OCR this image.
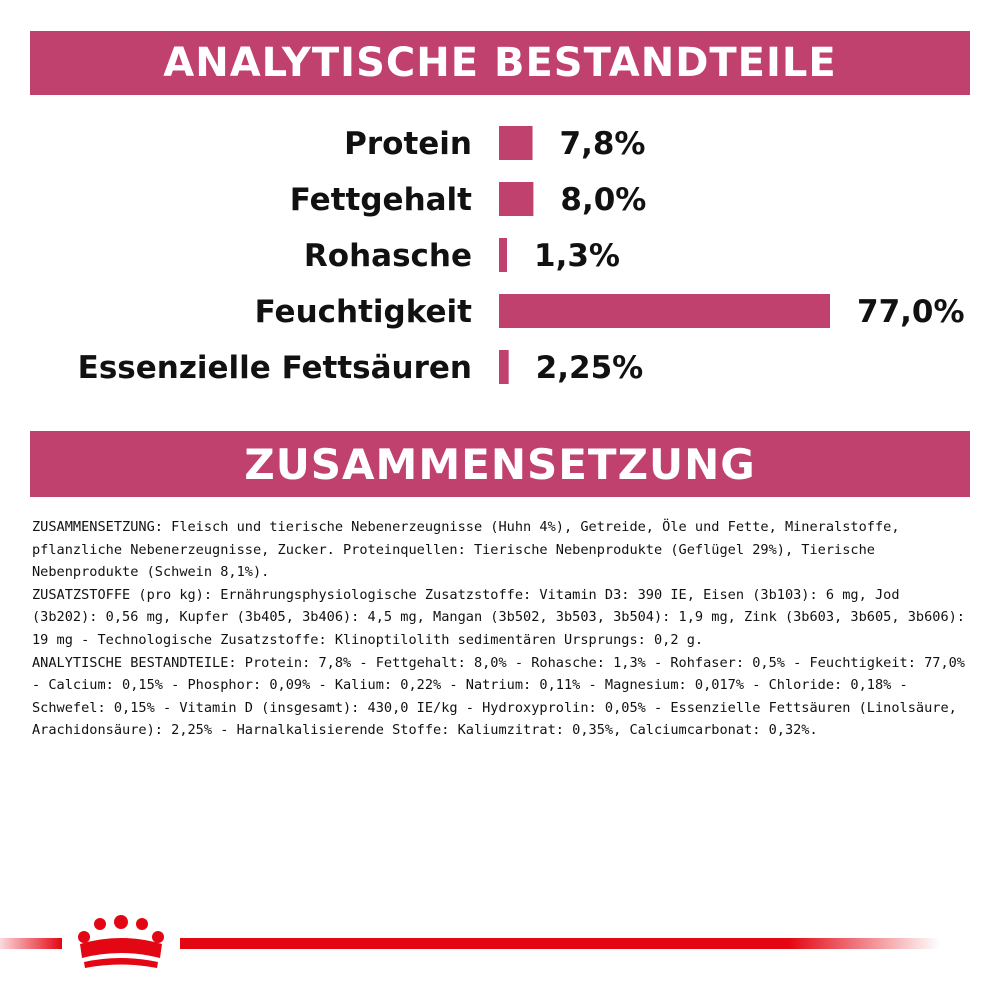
ANALYTISCHE BESTANDTEILE
Protein	7,8%
Fettgehalt	8,0%
Rohasche 1,3%
Feuchtigkeit	77,0%
Essenzielle Fettsäuren 2,25%
ZUSAMMENSETZUNG

ZUSAMMENSETZUNG: Fleisch und tierische Nebenerzeugnisse (Huhn 4%), Getreide, Öle und Fette, Mineralstoffe, pflanzliche Nebenerzeugnisse, Zucker. Proteinquellen: Tierische Nebenprodukte (Geflügel 29%), Tierische Nebenprodukte (Schwein 8,1%).

ZUSATZSTOFFE (pro kg): Ernährungsphysiologische Zusatzstoffe: Vitamin D3: 390 IE, Eisen (3b103): 6 mg, Jod (3b202): 0,56 mg, Kupfer (3b405, 3b406): 4,5 mg, Mangan (3b502, 3b503, 3b504): 1,9 mg, Zink (3b603, 3b605, 3b606): 19 mg - Technologische Zusatzstoffe: Klinoptilolith sedimentären Ursprungs: 0,2 g.

ANALYTISCHE BESTANDTEILE: Protein: 7,8% - Fettgehalt: 8,0% - Rohasche: 1,3% - Rohfaser: 0,5% - Feuchtigkeit: 77,0% - Calcium: 0,15% - Phosphor: 0,09% - Kalium: 0,22% - Natrium: 0,11% - Magnesium: 0,017% - Chloride: 0,18% - Schwefel: 0,15% - Vitamin D (insgesamt): 430,0 IE/kg - Hydroxyprolin: 0,05% - Essenzielle Fettsäuren (Linolsäure, Arachidonsäure): 2,25% - Harnalkalisierende Stoffe: Kaliumzitrat: 0,35%, Calciumcarbonat: 0,32%.
